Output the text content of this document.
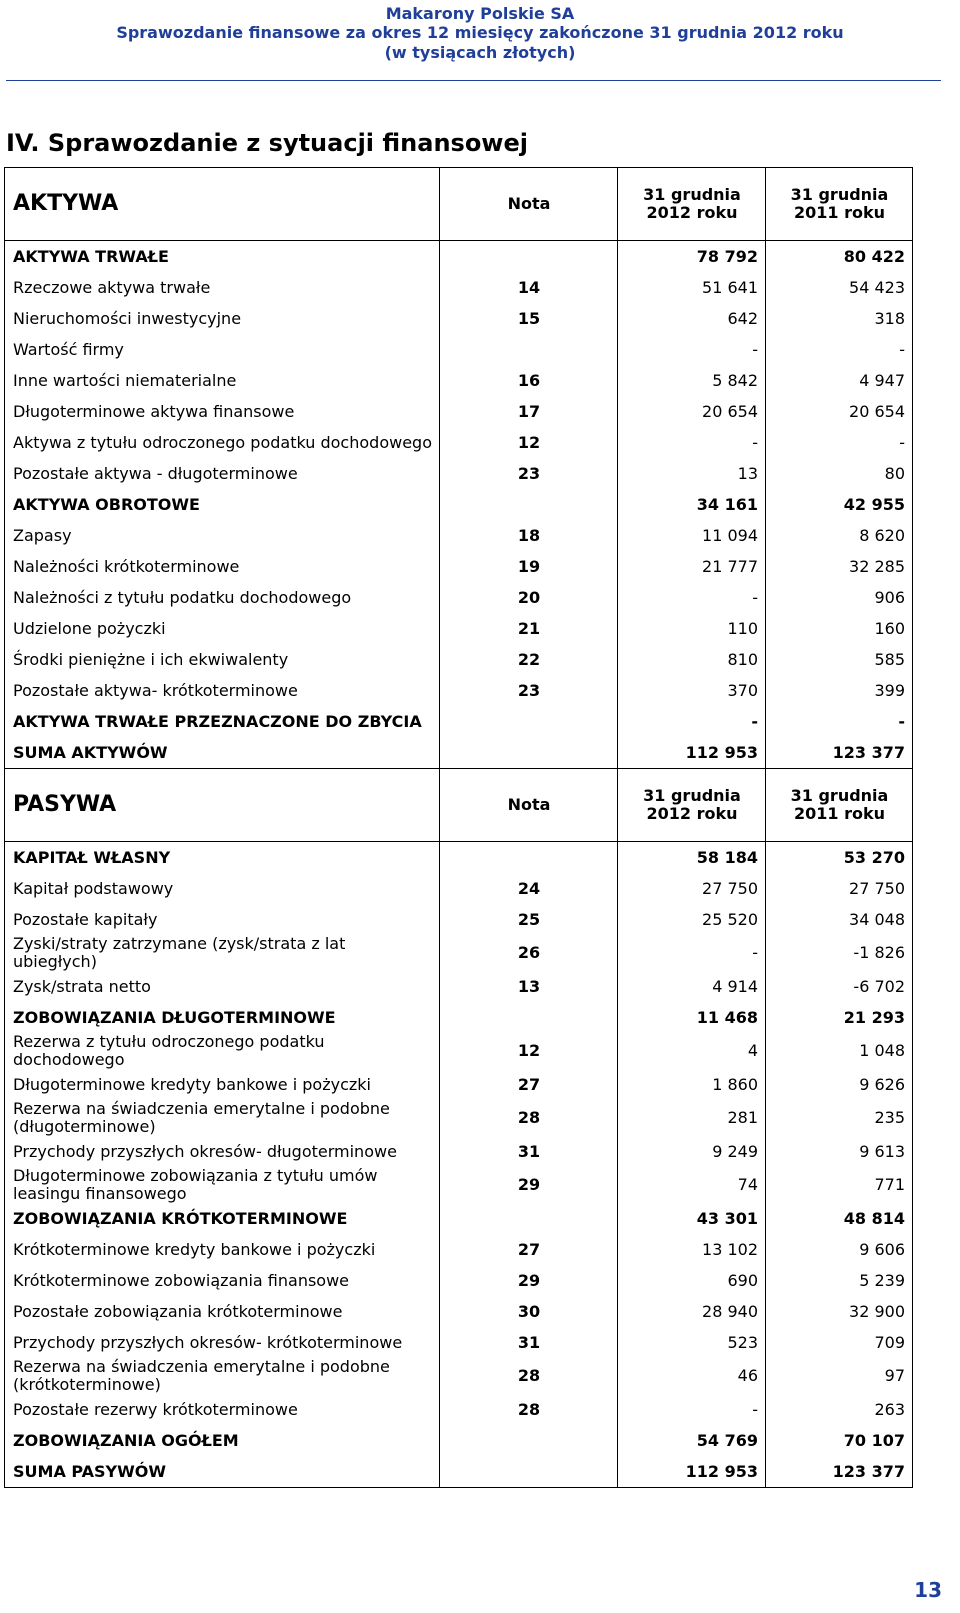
Makarony Polskie SA
Sprawozdanie finansowe za okres 12 miesięcy zakończone 31 grudnia 2012 roku
(w tysiącach złotych)
IV. Sprawozdanie z sytuacji finansowej
AKTYWA	Nota	31 grudnia 2012 roku	31 grudnia 2011 roku
AKTYWA TRWAŁE		78 792	80 422
Rzeczowe aktywa trwałe	14	51 641	54 423
Nieruchomości inwestycyjne	15	642	318
Wartość firmy		-	-
Inne wartości niematerialne	16	5 842	4 947
Długoterminowe aktywa finansowe	17	20 654	20 654
Aktywa z tytułu odroczonego podatku dochodowego	12	-	-
Pozostałe aktywa - długoterminowe	23	13	80
AKTYWA OBROTOWE		34 161	42 955
Zapasy	18	11 094	8 620
Należności krótkoterminowe	19	21 777	32 285
Należności z tytułu podatku dochodowego	20	-	906
Udzielone pożyczki	21	110	160
Środki pieniężne i ich ekwiwalenty	22	810	585
Pozostałe aktywa- krótkoterminowe	23	370	399
AKTYWA TRWAŁE PRZEZNACZONE DO ZBYCIA		-	-
SUMA AKTYWÓW		112 953	123 377
PASYWA	Nota	31 grudnia 2012 roku	31 grudnia 2011 roku
KAPITAŁ WŁASNY		58 184	53 270
Kapitał podstawowy	24	27 750	27 750
Pozostałe kapitały	25	25 520	34 048
Zyski/straty zatrzymane (zysk/strata z lat ubiegłych)	26	-	-1 826
Zysk/strata netto	13	4 914	-6 702
ZOBOWIĄZANIA DŁUGOTERMINOWE		11 468	21 293
Rezerwa z tytułu odroczonego podatku dochodowego	12	4	1 048
Długoterminowe kredyty bankowe i pożyczki	27	1 860	9 626
Rezerwa na świadczenia emerytalne i podobne (długoterminowe)	28	281	235
Przychody przyszłych okresów- długoterminowe	31	9 249	9 613
Długoterminowe zobowiązania z tytułu umów leasingu finansowego	29	74	771
ZOBOWIĄZANIA KRÓTKOTERMINOWE		43 301	48 814
Krótkoterminowe kredyty bankowe i pożyczki	27	13 102	9 606
Krótkoterminowe zobowiązania finansowe	29	690	5 239
Pozostałe zobowiązania krótkoterminowe	30	28 940	32 900
Przychody przyszłych okresów- krótkoterminowe	31	523	709
Rezerwa na świadczenia emerytalne i podobne (krótkoterminowe)	28	46	97
Pozostałe rezerwy krótkoterminowe	28	-	263
ZOBOWIĄZANIA OGÓŁEM		54 769	70 107
SUMA PASYWÓW		112 953	123 377
13
